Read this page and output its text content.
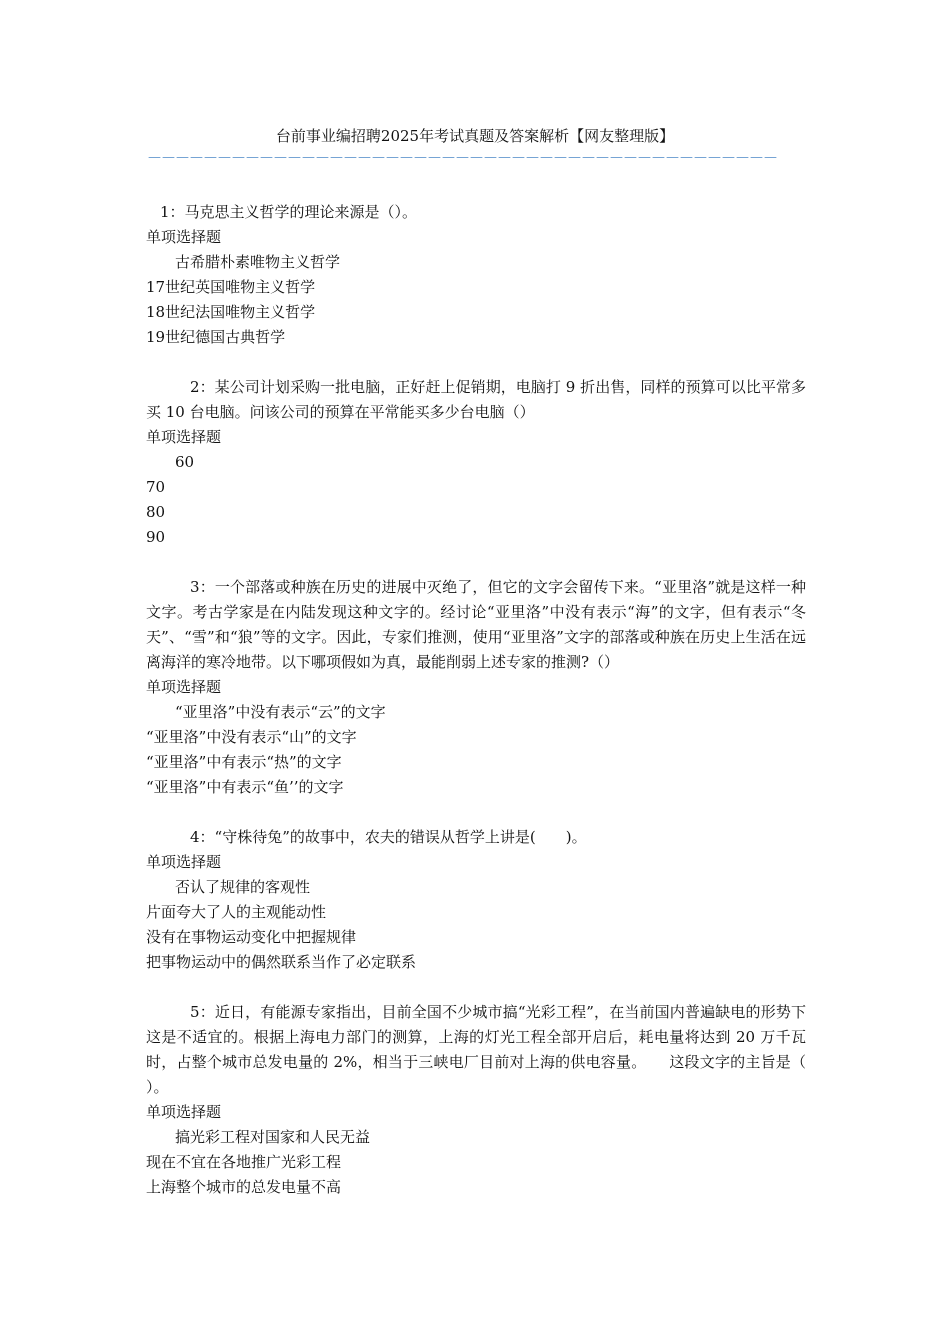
台前事业编招聘2025年考试真题及答案解析【网友整理版】
—————————————————————————————————————————————
1：马克思主义哲学的理论来源是（）。
单项选择题
古希腊朴素唯物主义哲学
17世纪英国唯物主义哲学
18世纪法国唯物主义哲学
19世纪德国古典哲学
2：某公司计划采购一批电脑，正好赶上促销期，电脑打 9 折出售，同样的预算可以比平常多买 10 台电脑。问该公司的预算在平常能买多少台电脑（）
单项选择题
60
70
80
90
3：一个部落或种族在历史的进展中灭绝了，但它的文字会留传下来。“亚里洛”就是这样一种文字。考古学家是在内陆发现这种文字的。经讨论“亚里洛”中没有表示“海”的文字，但有表示“冬天”、“雪”和“狼”等的文字。因此，专家们推测，使用“亚里洛”文字的部落或种族在历史上生活在远离海洋的寒冷地带。以下哪项假如为真，最能削弱上述专家的推测?（）
单项选择题
“亚里洛”中没有表示“云”的文字
“亚里洛”中没有表示“山”的文字
“亚里洛”中有表示“热”的文字
“亚里洛”中有表示“鱼’’的文字
4：“守株待兔”的故事中，农夫的错误从哲学上讲是(　　)。
单项选择题
否认了规律的客观性
片面夸大了人的主观能动性
没有在事物运动变化中把握规律
把事物运动中的偶然联系当作了必定联系
5：近日，有能源专家指出，目前全国不少城市搞“光彩工程”，在当前国内普遍缺电的形势下这是不适宜的。根据上海电力部门的测算，上海的灯光工程全部开启后，耗电量将达到 20 万千瓦时，占整个城市总发电量的 2%，相当于三峡电厂目前对上海的供电容量。　　这段文字的主旨是（ ）。
单项选择题
搞光彩工程对国家和人民无益
现在不宜在各地推广光彩工程
上海整个城市的总发电量不高
